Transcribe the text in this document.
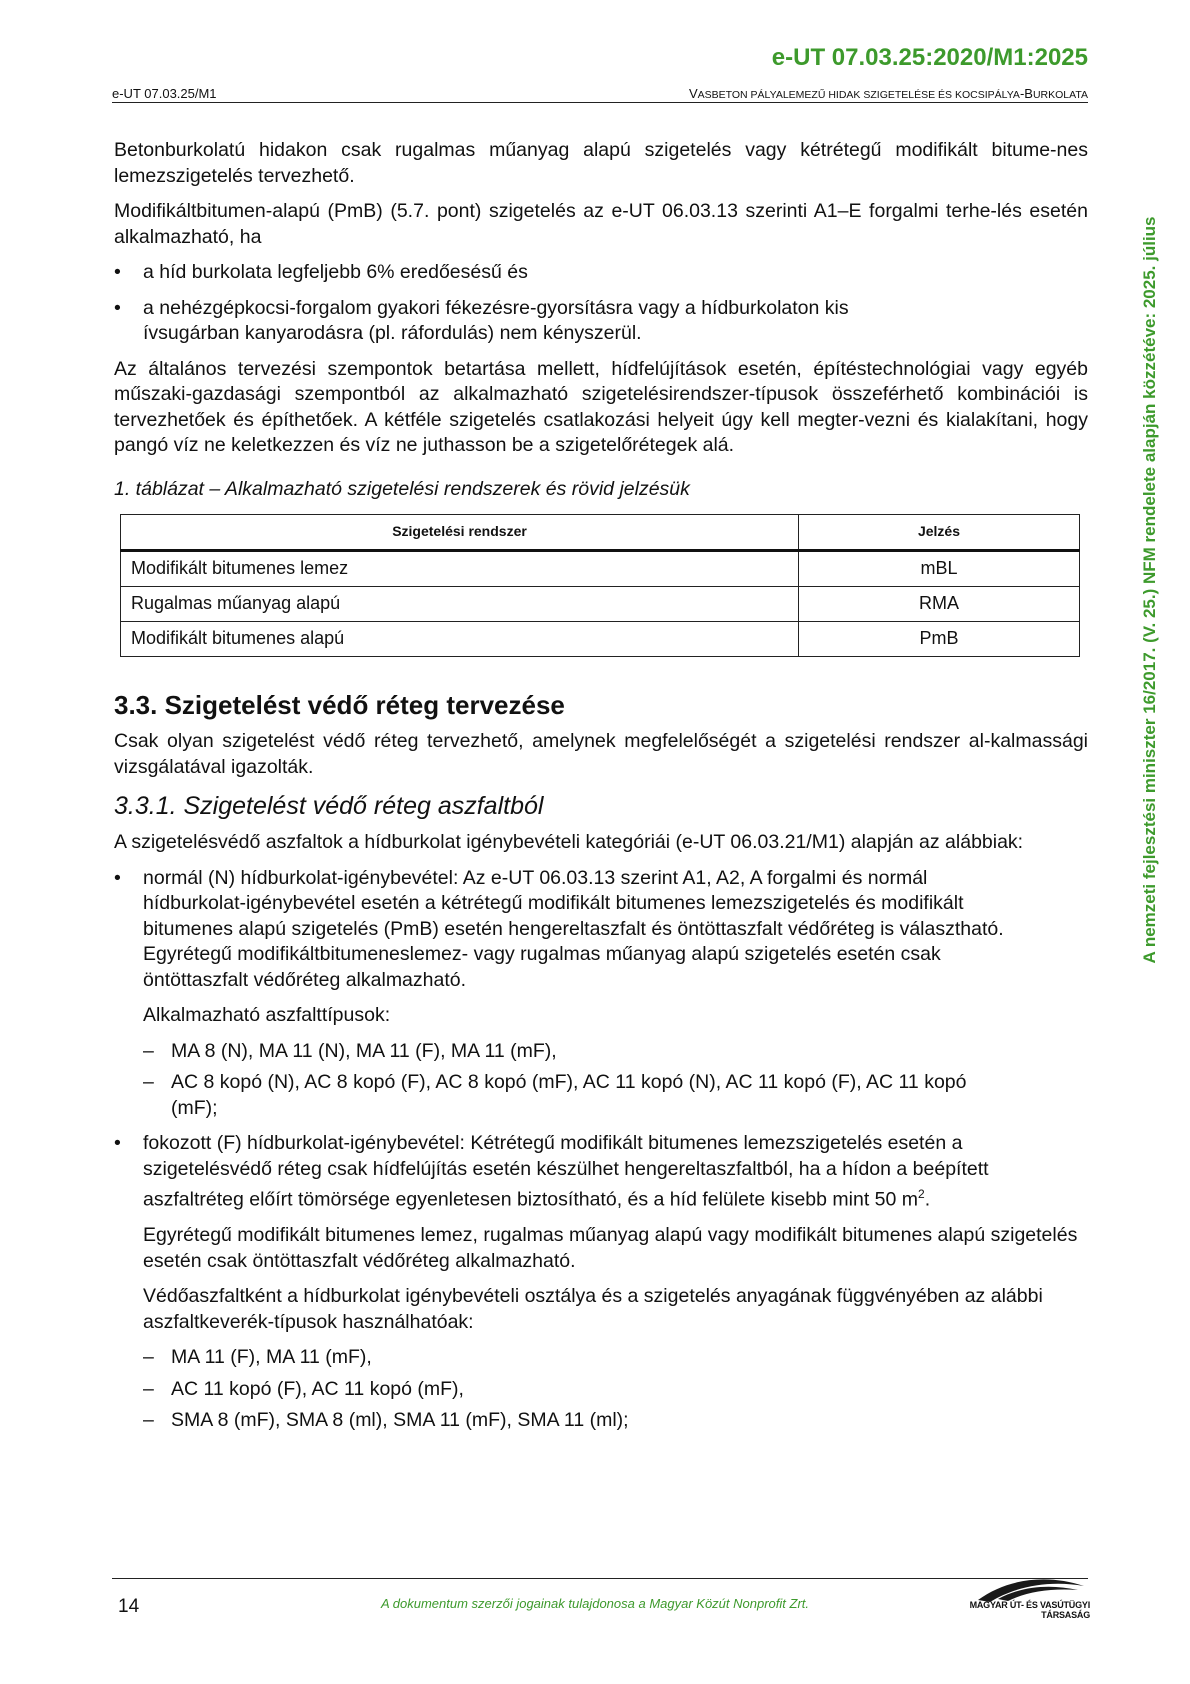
e-UT 07.03.25:2020/M1:2025
e-UT 07.03.25/M1	VASBETON PÁLYALEMEZŰ HIDAK SZIGETELÉSE ÉS KOCSIPÁLYA-BURKOLATA

Betonburkolatú hidakon csak rugalmas műanyag alapú szigetelés vagy kétrétegű modifikált bitume-nes lemezszigetelés tervezhető.

Modifikáltbitumen-alapú (PmB) (5.7. pont) szigetelés az e-UT 06.03.13 szerinti A1–E forgalmi terhe-lés esetén alkalmazható, ha

• a híd burkolata legfeljebb 6% eredőesésű és
• a nehézgépkocsi-forgalom gyakori fékezésre-gyorsításra vagy a hídburkolaton kis ívsugárban kanyarodásra (pl. ráfordulás) nem kényszerül.

Az általános tervezési szempontok betartása mellett, hídfelújítások esetén, építéstechnológiai vagy egyéb műszaki-gazdasági szempontból az alkalmazható szigetelésirendszer-típusok összeférhető kombinációi is tervezhetőek és építhetőek. A kétféle szigetelés csatlakozási helyeit úgy kell megter-vezni és kialakítani, hogy pangó víz ne keletkezzen és víz ne juthasson be a szigetelőrétegek alá.

1. táblázat – Alkalmazható szigetelési rendszerek és rövid jelzésük

Szigetelési rendszer	Jelzés
Modifikált bitumenes lemez	mBL
Rugalmas műanyag alapú	RMA
Modifikált bitumenes alapú	PmB
3.3. Szigetelést védő réteg tervezése

Csak olyan szigetelést védő réteg tervezhető, amelynek megfelelőségét a szigetelési rendszer al-kalmassági vizsgálatával igazolták.

3.3.1. Szigetelést védő réteg aszfaltból

A szigetelésvédő aszfaltok a hídburkolat igénybevételi kategóriái (e-UT 06.03.21/M1) alapján az alábbiak:

• normál (N) hídburkolat-igénybevétel: Az e-UT 06.03.13 szerint A1, A2, A forgalmi és normál hídburkolat-igénybevétel esetén a kétrétegű modifikált bitumenes lemezszigetelés és modifikált bitumenes alapú szigetelés (PmB) esetén hengereltaszfalt és öntöttaszfalt védőréteg is választható. Egyrétegű modifikáltbitumeneslemez- vagy rugalmas műanyag alapú szigetelés esetén csak öntöttaszfalt védőréteg alkalmazható.
Alkalmazható aszfalttípusok:
– MA 8 (N), MA 11 (N), MA 11 (F), MA 11 (mF),
– AC 8 kopó (N), AC 8 kopó (F), AC 8 kopó (mF), AC 11 kopó (N), AC 11 kopó (F), AC 11 kopó (mF);
• fokozott (F) hídburkolat-igénybevétel: Kétrétegű modifikált bitumenes lemezszigetelés esetén a szigetelésvédő réteg csak hídfelújítás esetén készülhet hengereltaszfaltból, ha a hídon a beépített aszfaltréteg előírt tömörsége egyenletesen biztosítható, és a híd felülete kisebb mint 50 $m^2$.
Egyrétegű modifikált bitumenes lemez, rugalmas műanyag alapú vagy modifikált bitumenes alapú szigetelés esetén csak öntöttaszfalt védőréteg alkalmazható.
Védőaszfaltként a hídburkolat igénybevételi osztálya és a szigetelés anyagának függvényében az alábbi aszfaltkeverék-típusok használhatóak:
– MA 11 (F), MA 11 (mF),
– AC 11 kopó (F), AC 11 kopó (mF),
– SMA 8 (mF), SMA 8 (ml), SMA 11 (mF), SMA 11 (ml);
A nemzeti fejlesztési miniszter 16/2017. (V. 25.) NFM rendelete alapján közzétéve: 2025. július
14	A dokumentum szerzői jogainak tulajdonosa a Magyar Közút Nonprofit Zrt.	MAGYAR ÚT- ÉS VASÚTÜGYI TÁRSASÁG
